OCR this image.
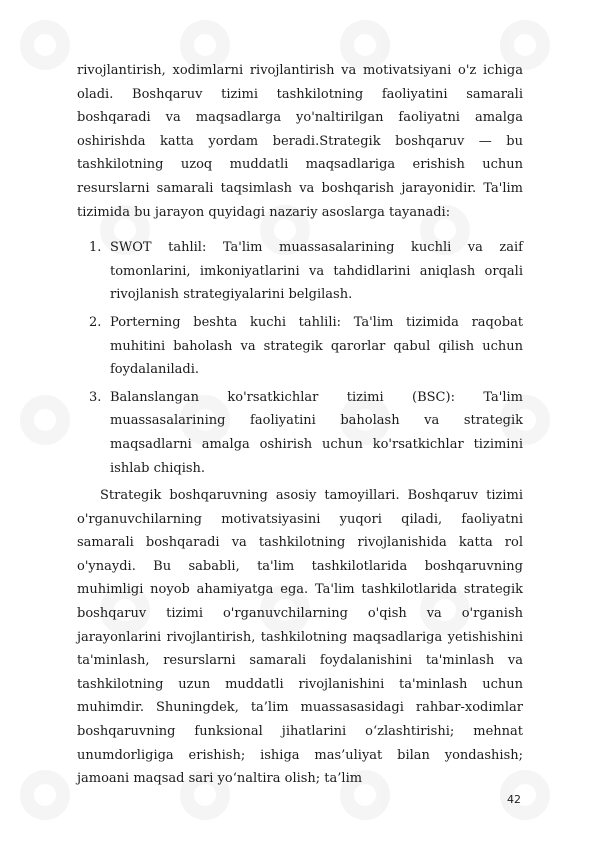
rivojlantirish, xodimlarni rivojlantirish va motivatsiyani o'z ichiga oladi. Boshqaruv tizimi tashkilotning faoliyatini samarali boshqaradi va maqsadlarga yo'naltirilgan faoliyatni amalga oshirishda katta yordam beradi.Strategik boshqaruv — bu tashkilotning uzoq muddatli maqsadlariga erishish uchun resurslarni samarali taqsimlash va boshqarish jarayonidir. Ta'lim tizimida bu jarayon quyidagi nazariy asoslarga tayanadi:

1. SWOT tahlil: Ta'lim muassasalarining kuchli va zaif tomonlarini, imkoniyatlarini va tahdidlarini aniqlash orqali rivojlanish strategiyalarini belgilash.
2. Porterning beshta kuchi tahlili: Ta'lim tizimida raqobat muhitini baholash va strategik qarorlar qabul qilish uchun foydalaniladi.
3. Balanslangan ko'rsatkichlar tizimi (BSC): Ta'lim muassasalarining faoliyatini baholash va strategik maqsadlarni amalga oshirish uchun ko'rsatkichlar tizimini ishlab chiqish.

Strategik boshqaruvning asosiy tamoyillari. Boshqaruv tizimi o'rganuvchilarning motivatsiyasini yuqori qiladi, faoliyatni samarali boshqaradi va tashkilotning rivojlanishida katta rol o'ynaydi. Bu sababli, ta'lim tashkilotlarida boshqaruvning muhimligi noyob ahamiyatga ega. Ta'lim tashkilotlarida strategik boshqaruv tizimi o'rganuvchilarning o'qish va o'rganish jarayonlarini rivojlantirish, tashkilotning maqsadlariga yetishishini ta'minlash, resurslarni samarali foydalanishini ta'minlash va tashkilotning uzun muddatli rivojlanishini ta'minlash uchun muhimdir. Shuningdek, ta’lim muassasasidagi rahbar-xodimlar boshqaruvning funksional jihatlarini o‘zlashtirishi; mehnat unumdorligiga erishish; ishiga mas’uliyat bilan yondashish; jamoani maqsad sari yo‘naltira olish; ta’lim

42
